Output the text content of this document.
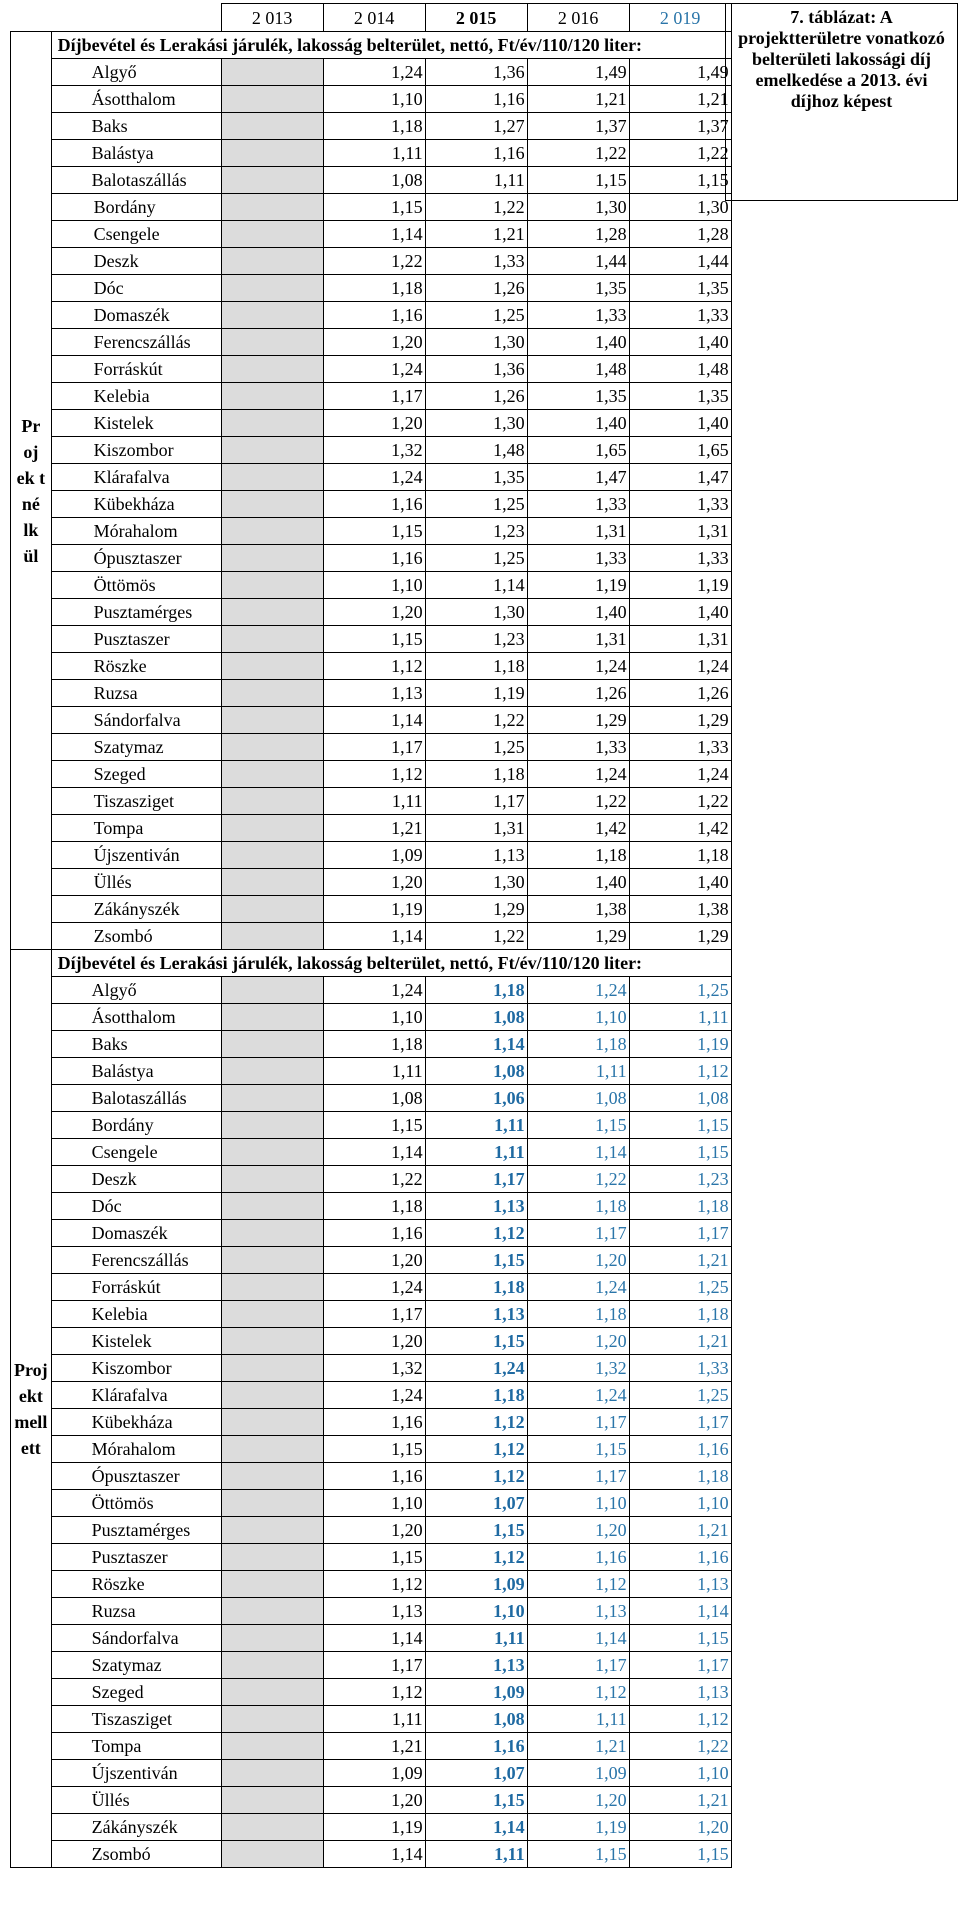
		2 013	2 014	2 015	2 016	2 019
Pr oj ek t né lk ül	Díjbevétel és Lerakási járulék, lakosság belterület, nettó, Ft/év/110/120 liter:					
	Algyő		1,24	1,36	1,49	1,49
	Ásotthalom		1,10	1,16	1,21	1,21
	Baks		1,18	1,27	1,37	1,37
	Balástya		1,11	1,16	1,22	1,22
	Balotaszállás		1,08	1,11	1,15	1,15
	Bordány		1,15	1,22	1,30	1,30
	Csengele		1,14	1,21	1,28	1,28
	Deszk		1,22	1,33	1,44	1,44
	Dóc		1,18	1,26	1,35	1,35
	Domaszék		1,16	1,25	1,33	1,33
	Ferencszállás		1,20	1,30	1,40	1,40
	Forráskút		1,24	1,36	1,48	1,48
	Kelebia		1,17	1,26	1,35	1,35
	Kistelek		1,20	1,30	1,40	1,40
	Kiszombor		1,32	1,48	1,65	1,65
	Klárafalva		1,24	1,35	1,47	1,47
	Kübekháza		1,16	1,25	1,33	1,33
	Mórahalom		1,15	1,23	1,31	1,31
	Ópusztaszer		1,16	1,25	1,33	1,33
	Öttömös		1,10	1,14	1,19	1,19
	Pusztamérges		1,20	1,30	1,40	1,40
	Pusztaszer		1,15	1,23	1,31	1,31
	Röszke		1,12	1,18	1,24	1,24
	Ruzsa		1,13	1,19	1,26	1,26
	Sándorfalva		1,14	1,22	1,29	1,29
	Szatymaz		1,17	1,25	1,33	1,33
	Szeged		1,12	1,18	1,24	1,24
	Tiszasziget		1,11	1,17	1,22	1,22
	Tompa		1,21	1,31	1,42	1,42
	Újszentiván		1,09	1,13	1,18	1,18
	Üllés		1,20	1,30	1,40	1,40
	Zákányszék		1,19	1,29	1,38	1,38
	Zsombó		1,14	1,22	1,29	1,29
Proj ekt mell ett	Díjbevétel és Lerakási járulék, lakosság belterület, nettó, Ft/év/110/120 liter:					
	Algyő		1,24	1,18	1,24	1,25
	Ásotthalom		1,10	1,08	1,10	1,11
	Baks		1,18	1,14	1,18	1,19
	Balástya		1,11	1,08	1,11	1,12
	Balotaszállás		1,08	1,06	1,08	1,08
	Bordány		1,15	1,11	1,15	1,15
	Csengele		1,14	1,11	1,14	1,15
	Deszk		1,22	1,17	1,22	1,23
	Dóc		1,18	1,13	1,18	1,18
	Domaszék		1,16	1,12	1,17	1,17
	Ferencszállás		1,20	1,15	1,20	1,21
	Forráskút		1,24	1,18	1,24	1,25
	Kelebia		1,17	1,13	1,18	1,18
	Kistelek		1,20	1,15	1,20	1,21
	Kiszombor		1,32	1,24	1,32	1,33
	Klárafalva		1,24	1,18	1,24	1,25
	Kübekháza		1,16	1,12	1,17	1,17
	Mórahalom		1,15	1,12	1,15	1,16
	Ópusztaszer		1,16	1,12	1,17	1,18
	Öttömös		1,10	1,07	1,10	1,10
	Pusztamérges		1,20	1,15	1,20	1,21
	Pusztaszer		1,15	1,12	1,16	1,16
	Röszke		1,12	1,09	1,12	1,13
	Ruzsa		1,13	1,10	1,13	1,14
	Sándorfalva		1,14	1,11	1,14	1,15
	Szatymaz		1,17	1,13	1,17	1,17
	Szeged		1,12	1,09	1,12	1,13
	Tiszasziget		1,11	1,08	1,11	1,12
	Tompa		1,21	1,16	1,21	1,22
	Újszentiván		1,09	1,07	1,09	1,10
	Üllés		1,20	1,15	1,20	1,21
	Zákányszék		1,19	1,14	1,19	1,20
	Zsombó		1,14	1,11	1,15	1,15
7. táblázat: A projektterületre vonatkozó belterületi lakossági díj emelkedése a 2013. évi díjhoz képest
